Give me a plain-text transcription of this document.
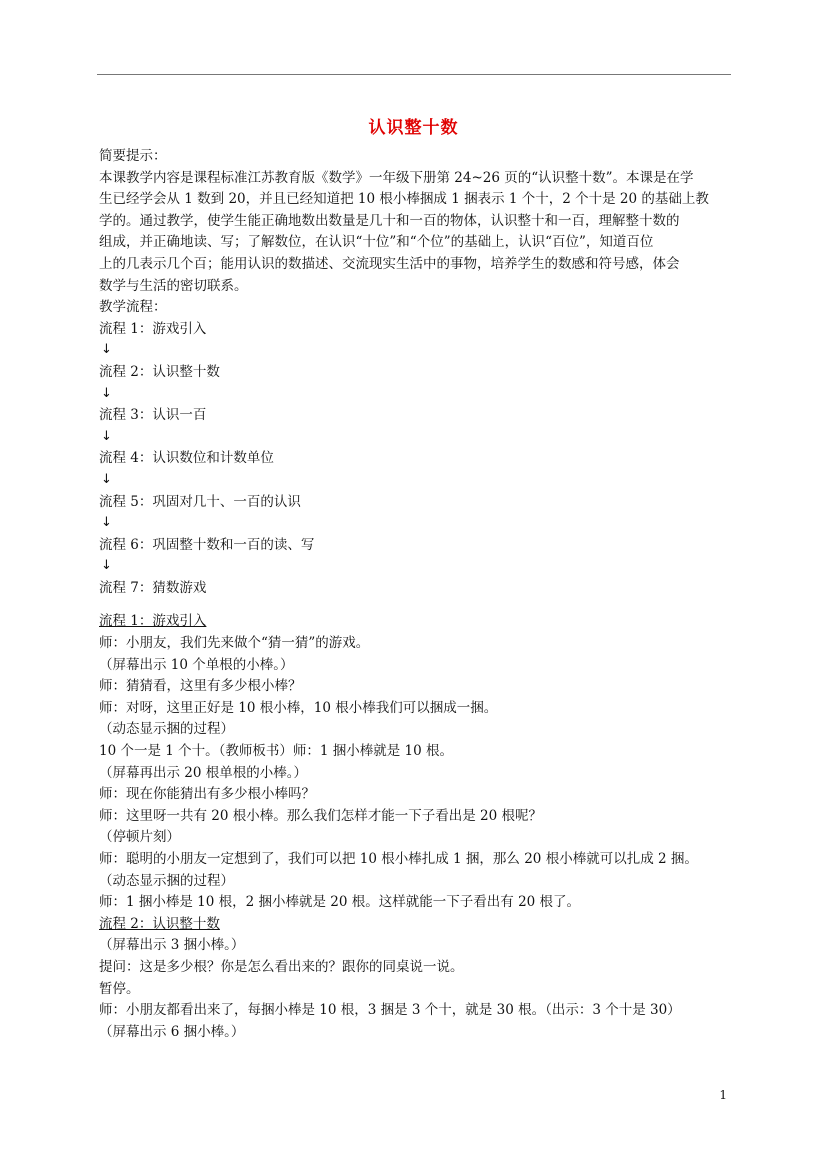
认识整十数
简要提示：
本课教学内容是课程标准江苏教育版《数学》一年级下册第 24~26 页的“认识整十数”。本课是在学
生已经学会从 1 数到 20，并且已经知道把 10 根小棒捆成 1 捆表示 1 个十，2 个十是 20 的基础上教
学的。通过教学，使学生能正确地数出数量是几十和一百的物体，认识整十和一百，理解整十数的
组成，并正确地读、写；了解数位，在认识“十位”和“个位”的基础上，认识“百位”，知道百位
上的几表示几个百；能用认识的数描述、交流现实生活中的事物，培养学生的数感和符号感，体会
数学与生活的密切联系。
教学流程：
流程 1：游戏引入
↓
流程 2：认识整十数
↓
流程 3：认识一百
↓
流程 4：认识数位和计数单位
↓
流程 5：巩固对几十、一百的认识
↓
流程 6：巩固整十数和一百的读、写
↓
流程 7：猜数游戏
流程 1：游戏引入
师：小朋友，我们先来做个“猜一猜”的游戏。
（屏幕出示 10 个单根的小棒。）
师：猜猜看，这里有多少根小棒？
师：对呀，这里正好是 10 根小棒，10 根小棒我们可以捆成一捆。
（动态显示捆的过程）
10 个一是 1 个十。（教师板书）师：1 捆小棒就是 10 根。
（屏幕再出示 20 根单根的小棒。）
师：现在你能猜出有多少根小棒吗？
师：这里呀一共有 20 根小棒。那么我们怎样才能一下子看出是 20 根呢？
（停顿片刻）
师：聪明的小朋友一定想到了，我们可以把 10 根小棒扎成 1 捆，那么 20 根小棒就可以扎成 2 捆。
（动态显示捆的过程）
师：1 捆小棒是 10 根，2 捆小棒就是 20 根。这样就能一下子看出有 20 根了。
流程 2：认识整十数
（屏幕出示 3 捆小棒。）
提问：这是多少根？你是怎么看出来的？跟你的同桌说一说。
暂停。
师：小朋友都看出来了，每捆小棒是 10 根，3 捆是 3 个十，就是 30 根。（出示：3 个十是 30）
（屏幕出示 6 捆小棒。）
1
